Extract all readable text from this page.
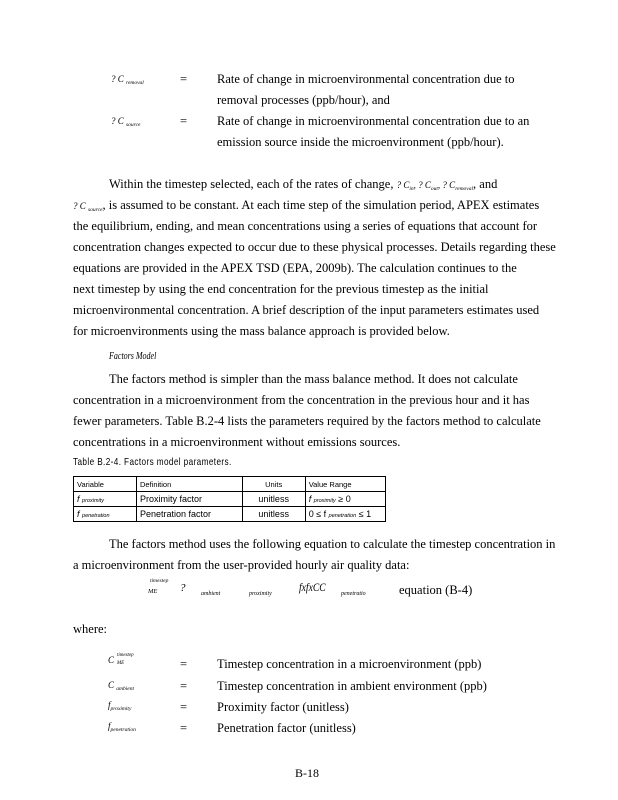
? C $_{removal}$	= Rate of change in microenvironmental concentration due to
removal processes (ppb/hour), and
? C $_{source}$	= Rate of change in microenvironmental concentration due to an
emission source inside the microenvironment (ppb/hour).
Within the timestep selected, each of the rates of change, ? $C_{in}$, ? $C_{out}$, ? $C_{removal}$, and
? C $_{source}$, is assumed to be constant. At each time step of the simulation period, APEX estimates
the equilibrium, ending, and mean concentrations using a series of equations that account for
concentration changes expected to occur due to these physical processes. Details regarding these
equations are provided in the APEX TSD (EPA, 2009b). The calculation continues to the
next timestep by using the end concentration for the previous timestep as the initial
microenvironmental concentration. A brief description of the input parameters estimates used
for microenvironments using the mass balance approach is provided below.
Factors Model
The factors method is simpler than the mass balance method. It does not calculate
concentration in a microenvironment from the concentration in the previous hour and it has
fewer parameters. Table B.2-4 lists the parameters required by the factors method to calculate
concentrations in a microenvironment without emissions sources.
Table B.2-4. Factors model parameters.
Variable	Definition	Units	Value Range
f proximity	Proximity factor	unitless	f proximity ≥ 0
f penetration	Penetration factor	unitless	0 ≤ f penetration ≤ 1
The factors method uses the following equation to calculate the timestep concentration in
a microenvironment from the user-provided hourly air quality data:
timestep
ME ?	ambient	proximity fxfxCC	penetratio	equation (B-4)
where:
C timestep
ME	= Timestep concentration in a microenvironment (ppb)
C $_{ambient}$	= Timestep concentration in ambient environment (ppb)
$f_{proximity}$	= Proximity factor (unitless)
$f_{penetration}$	= Penetration factor (unitless)
B-18
